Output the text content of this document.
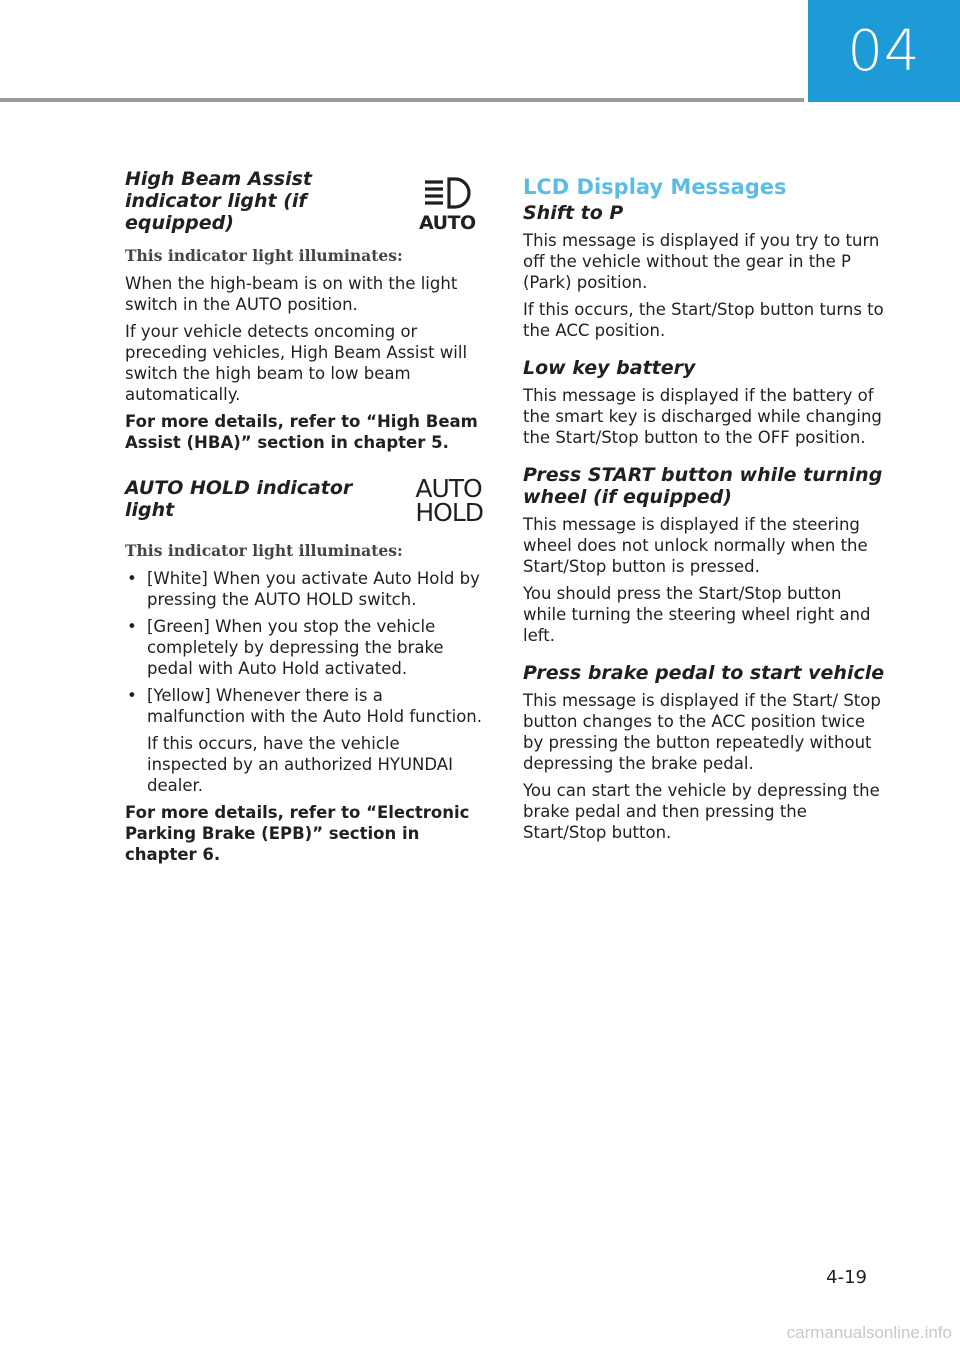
04
High Beam Assist indicator light (if equipped)	AUTO
This indicator light illuminates:

When the high-beam is on with the light switch in the AUTO position.

If your vehicle detects oncoming or preceding vehicles, High Beam Assist will switch the high beam to low beam automatically.

For more details, refer to “High Beam Assist (HBA)” section in chapter 5.

AUTO HOLD indicator light
AUTO
HOLD
This indicator light illuminates:
• [White] When you activate Auto Hold by pressing the AUTO HOLD switch.
• [Green] When you stop the vehicle completely by depressing the brake pedal with Auto Hold activated.
• [Yellow] Whenever there is a malfunction with the Auto Hold function.

If this occurs, have the vehicle inspected by an authorized HYUNDAI dealer.

For more details, refer to “Electronic Parking Brake (EPB)” section in chapter 6.

LCD Display Messages
Shift to P

This message is displayed if you try to turn off the vehicle without the gear in the P (Park) position.

If this occurs, the Start/Stop button turns to the ACC position.

Low key battery

This message is displayed if the battery of the smart key is discharged while changing the Start/Stop button to the OFF position.

Press START button while turning wheel (if equipped)

This message is displayed if the steering wheel does not unlock normally when the Start/Stop button is pressed.

You should press the Start/Stop button while turning the steering wheel right and left.

Press brake pedal to start vehicle

This message is displayed if the Start/ Stop button changes to the ACC position twice by pressing the button repeatedly without depressing the brake pedal.

You can start the vehicle by depressing the brake pedal and then pressing the Start/Stop button.

4-19
carmanualsonline.info
